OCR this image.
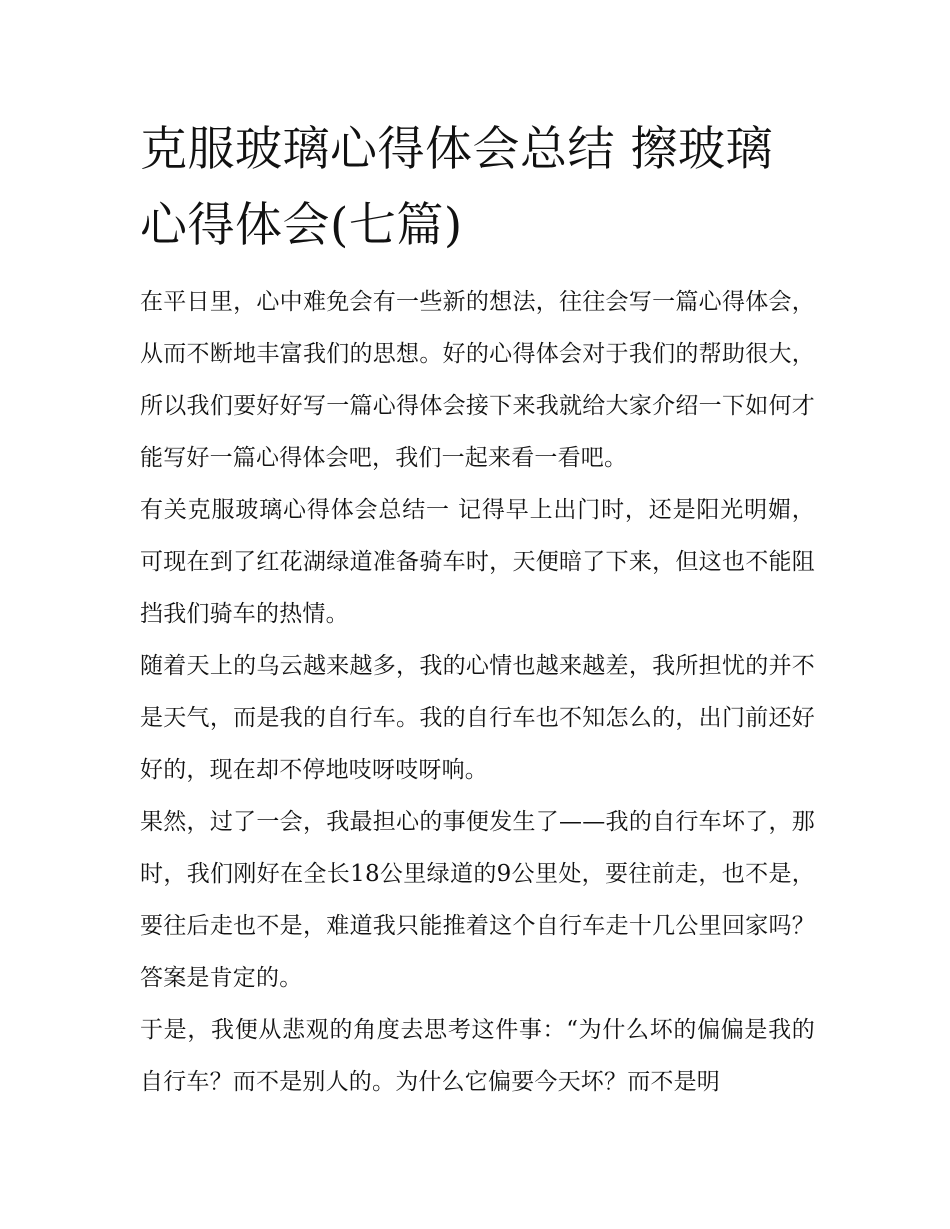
克服玻璃心得体会总结 擦玻璃心得体会(七篇)

在平日里，心中难免会有一些新的想法，往往会写一篇心得体会，从而不断地丰富我们的思想。好的心得体会对于我们的帮助很大，所以我们要好好写一篇心得体会接下来我就给大家介绍一下如何才能写好一篇心得体会吧，我们一起来看一看吧。

有关克服玻璃心得体会总结一 记得早上出门时，还是阳光明媚，可现在到了红花湖绿道准备骑车时，天便暗了下来，但这也不能阻挡我们骑车的热情。

随着天上的乌云越来越多，我的心情也越来越差，我所担忧的并不是天气，而是我的自行车。我的自行车也不知怎么的，出门前还好好的，现在却不停地吱呀吱呀响。

果然，过了一会，我最担心的事便发生了——我的自行车坏了，那时，我们刚好在全长18公里绿道的9公里处，要往前走，也不是，要往后走也不是，难道我只能推着这个自行车走十几公里回家吗？答案是肯定的。

于是，我便从悲观的角度去思考这件事：“为什么坏的偏偏是我的自行车？而不是别人的。为什么它偏要今天坏？而不是明
